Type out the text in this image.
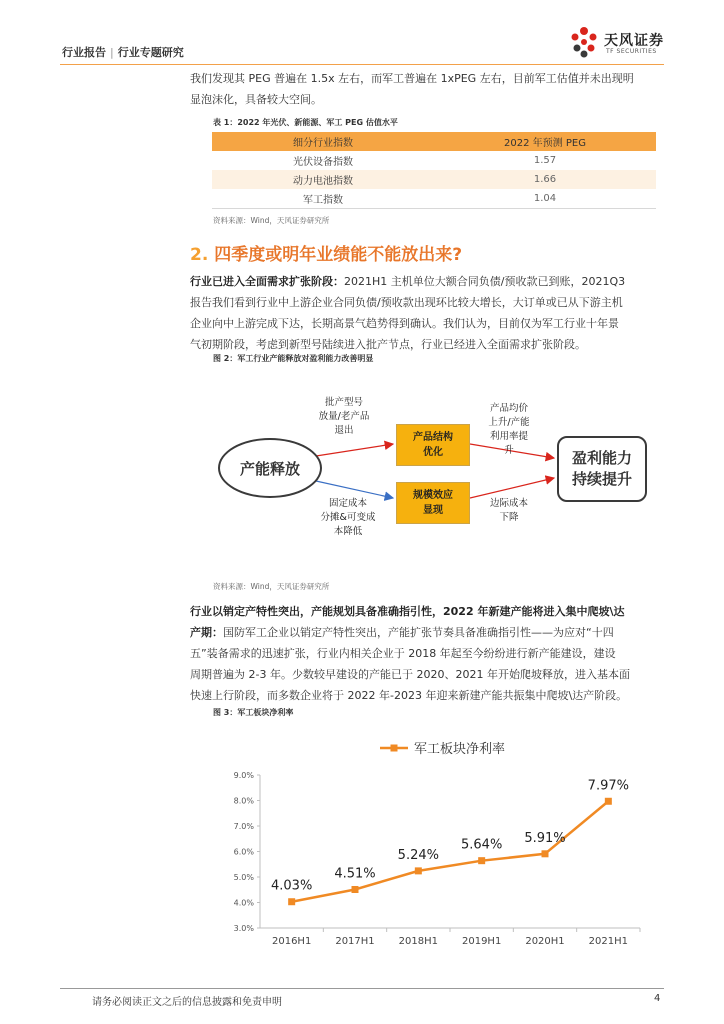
行业报告 | 行业专题研究
天风证券
TF SECURITIES
我们发现其 PEG 普遍在 1.5x 左右，而军工普遍在 1xPEG 左右，目前军工估值并未出现明
显泡沫化，具备较大空间。
表 1：2022 年光伏、新能源、军工 PEG 估值水平
细分行业指数	2022 年预测 PEG
光伏设备指数	1.57
动力电池指数	1.66
军工指数	1.04
资料来源：Wind，天风证券研究所
2. 四季度或明年业绩能不能放出来?
行业已进入全面需求扩张阶段：2021H1 主机单位大额合同负债/预收款已到账，2021Q3
报告我们看到行业中上游企业合同负债/预收款出现环比较大增长，大订单或已从下游主机
企业向中上游完成下达，长期高景气趋势得到确认。我们认为，目前仅为军工行业十年景
气初期阶段，考虑到新型号陆续进入批产节点，行业已经进入全面需求扩张阶段。
图 2：军工行业产能释放对盈利能力改善明显
产能释放
产品结构
优化
规模效应
显现
盈利能力
持续提升
批产型号
放量/老产品
退出
固定成本
分摊&可变成
本降低
产品均价
上升/产能
利用率提
升
边际成本
下降
资料来源：Wind，天风证券研究所
行业以销定产特性突出，产能规划具备准确指引性，2022 年新建产能将进入集中爬坡\达
产期：国防军工企业以销定产特性突出，产能扩张节奏具备准确指引性——为应对“十四
五”装备需求的迅速扩张，行业内相关企业于 2018 年起至今纷纷进行新产能建设，建设
周期普遍为 2-3 年。少数较早建设的产能已于 2020、2021 年开始爬坡释放，进入基本面
快速上行阶段，而多数企业将于 2022 年-2023 年迎来新建产能共振集中爬坡\达产阶段。
图 3：军工板块净利率
3.0%
4.0%
5.0%
6.0%
7.0%
8.0%
9.0%
2016H1 2017H1 2018H1 2019H1 2020H1 2021H1
4.03%
4.51%
5.24%
5.64% 5.91%
7.97%
军工板块净利率
请务必阅读正文之后的信息披露和免责申明	4
